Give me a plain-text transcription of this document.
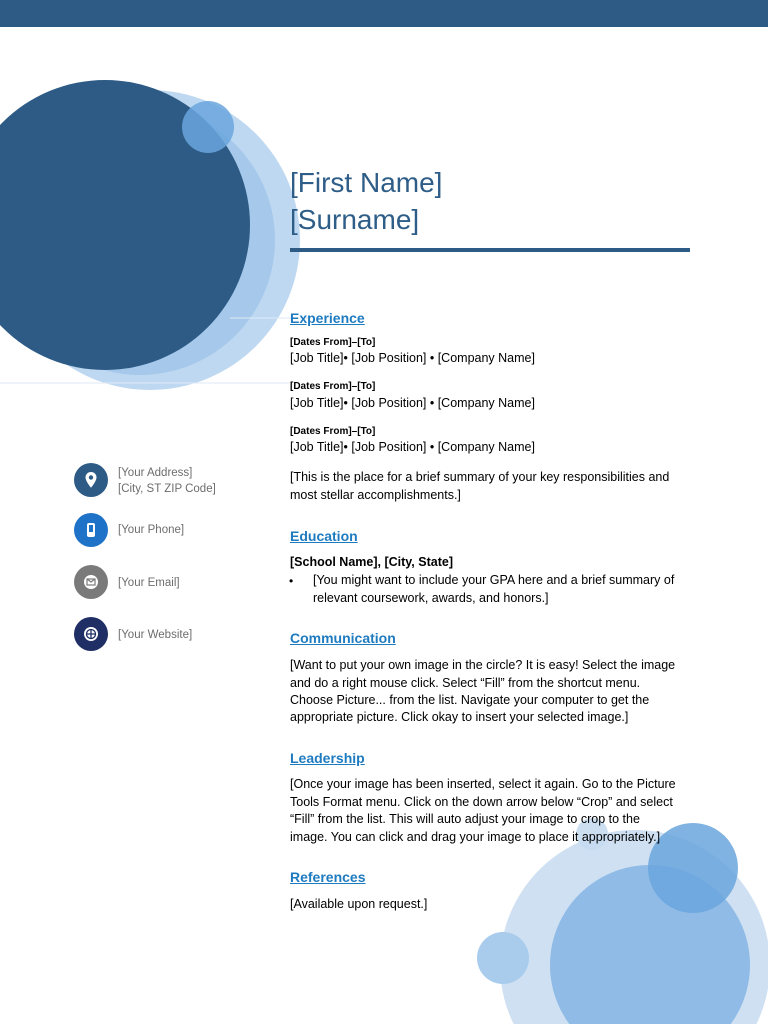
[First Name]
[Surname]
[Your Address]
[City, ST ZIP Code]
[Your Phone]
[Your Email]
[Your Website]
Experience
[Dates From]–[To]
[Job Title]• [Job Position] • [Company Name]
[Dates From]–[To]
[Job Title]• [Job Position] • [Company Name]
[Dates From]–[To]
[Job Title]• [Job Position] • [Company Name]
[This is the place for a brief summary of your key responsibilities and
most stellar accomplishments.]
Education
[School Name], [City, State]
• [You might want to include your GPA here and a brief summary of
relevant coursework, awards, and honors.]
Communication
[Want to put your own image in the circle? It is easy! Select the image
and do a right mouse click. Select “Fill” from the shortcut menu.
Choose Picture... from the list. Navigate your computer to get the
appropriate picture. Click okay to insert your selected image.]
Leadership
[Once your image has been inserted, select it again. Go to the Picture
Tools Format menu. Click on the down arrow below “Crop” and select
“Fill” from the list. This will auto adjust your image to crop to the
image. You can click and drag your image to place it appropriately.]
References
[Available upon request.]
